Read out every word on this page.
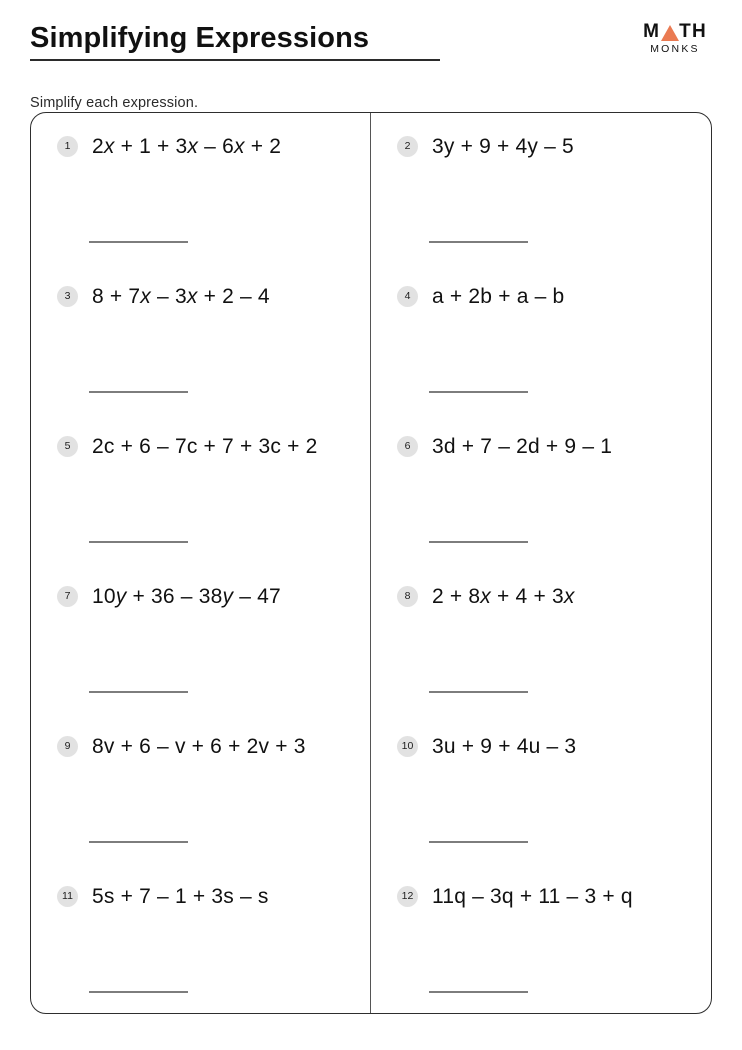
Simplifying Expressions	M TH
MONKS
Simplify each expression.
1	2x + 1 + 3x – 6x + 2
3	8 + 7x – 3x + 2 – 4
5	2c + 6 – 7c + 7 + 3c + 2
7	10y + 36 – 38y – 47
9	8v + 6 – v + 6 + 2v + 3
11 5s + 7 – 1 + 3s – s
2	3y + 9 + 4y – 5
4	a + 2b + a – b
6	3d + 7 – 2d + 9 – 1
8	2 + 8x + 4 + 3x
10 3u + 9 + 4u – 3
12 11q – 3q + 11 – 3 + q
